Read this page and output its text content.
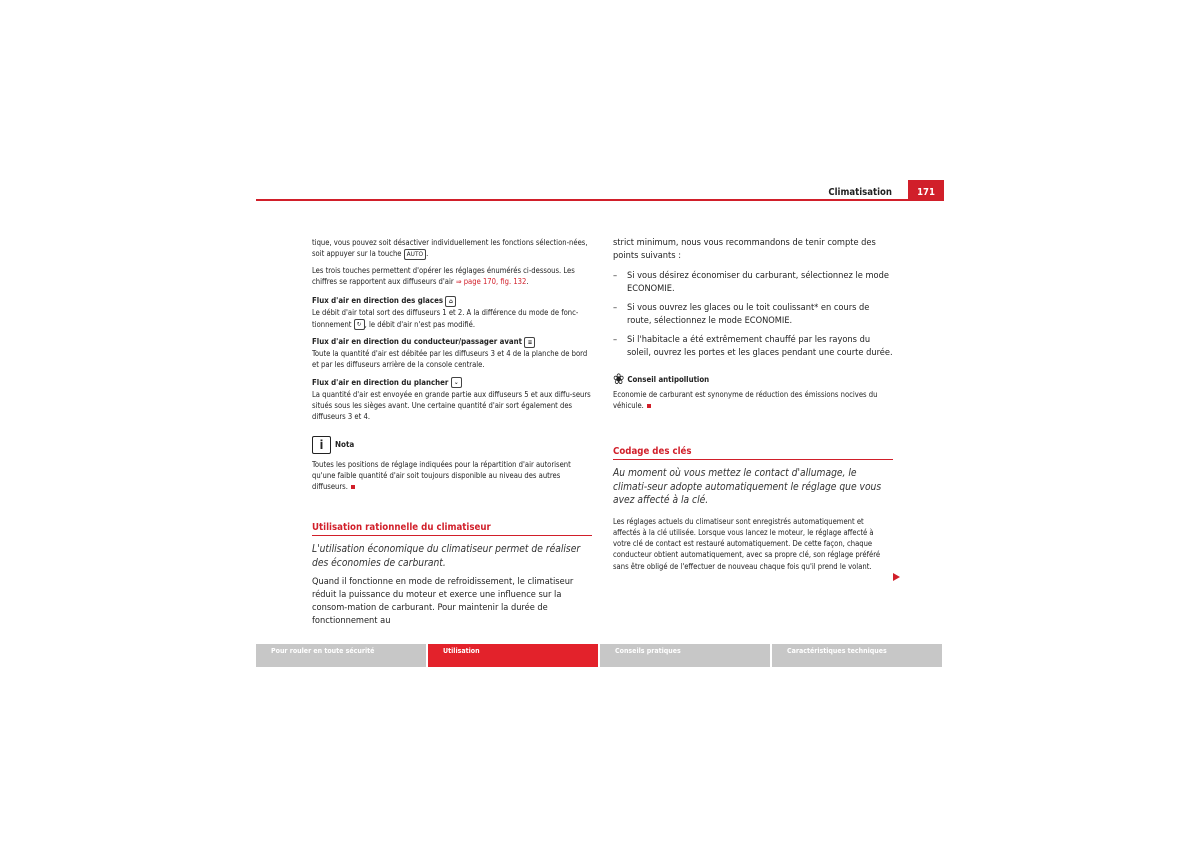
Climatisation	171

tique, vous pouvez soit désactiver individuellement les fonctions sélection-nées, soit appuyer sur la touche AUTO .

Les trois touches permettent d'opérer les réglages énumérés ci-dessous. Les chiffres se rapportent aux diffuseurs d'air ⇒ page 170, fig. 132.

Flux d'air en direction des glaces ⌂

Le débit d'air total sort des diffuseurs 1 et 2. A la différence du mode de fonc-tionnement ↻ , le débit d'air n'est pas modifié.

Flux d'air en direction du conducteur/passager avant ≡

Toute la quantité d'air est débitée par les diffuseurs 3 et 4 de la planche de bord et par les diffuseurs arrière de la console centrale.

Flux d'air en direction du plancher ⌄

La quantité d'air est envoyée en grande partie aux diffuseurs 5 et aux diffu-seurs situés sous les sièges avant. Une certaine quantité d'air sort également des diffuseurs 3 et 4.

i Nota

Toutes les positions de réglage indiquées pour la répartition d'air autorisent qu'une faible quantité d'air soit toujours disponible au niveau des autres diffuseurs.

Utilisation rationnelle du climatiseur

L'utilisation économique du climatiseur permet de réaliser des économies de carburant.

Quand il fonctionne en mode de refroidissement, le climatiseur réduit la puissance du moteur et exerce une influence sur la consom-mation de carburant. Pour maintenir la durée de fonctionnement au

strict minimum, nous vous recommandons de tenir compte des points suivants :

– Si vous désirez économiser du carburant, sélectionnez le mode ECONOMIE.
– Si vous ouvrez les glaces ou le toit coulissant* en cours de route, sélectionnez le mode ECONOMIE.
– Si l'habitacle a été extrêmement chauffé par les rayons du soleil, ouvrez les portes et les glaces pendant une courte durée.
❀ Conseil antipollution

Economie de carburant est synonyme de réduction des émissions nocives du véhicule.

Codage des clés

Au moment où vous mettez le contact d'allumage, le climati-seur adopte automatiquement le réglage que vous avez affecté à la clé.

Les réglages actuels du climatiseur sont enregistrés automatiquement et affectés à la clé utilisée. Lorsque vous lancez le moteur, le réglage affecté à votre clé de contact est restauré automatiquement. De cette façon, chaque conducteur obtient automatiquement, avec sa propre clé, son réglage préféré sans être obligé de l'effectuer de nouveau chaque fois qu'il prend le volant.

Pour rouler en toute sécurité	Utilisation	Conseils pratiques	Caractéristiques techniques
